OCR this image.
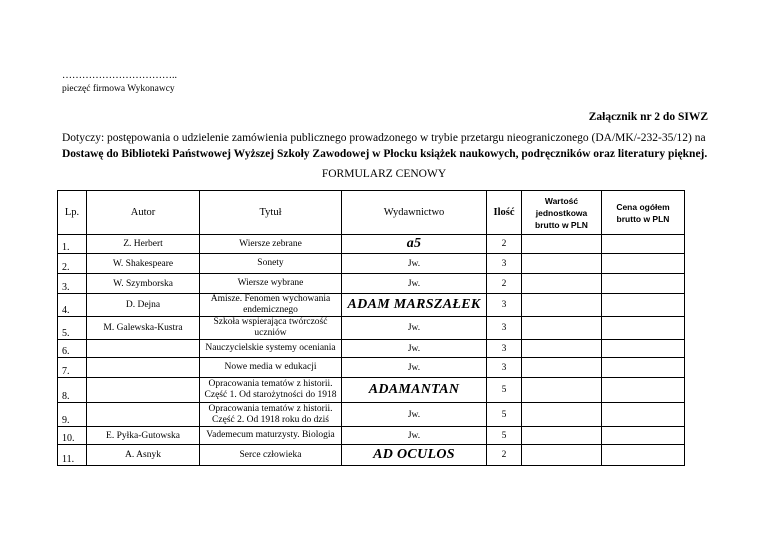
……………………………..
pieczęć firmowa Wykonawcy
Załącznik nr 2 do SIWZ
Dotyczy: postępowania o udzielenie zamówienia publicznego prowadzonego w trybie przetargu nieograniczonego (DA/MK/-232-35/12) na
Dostawę do Biblioteki Państwowej Wyższej Szkoły Zawodowej w Płocku książek naukowych, podręczników oraz literatury pięknej.
FORMULARZ CENOWY
Lp.	Autor	Tytuł	Wydawnictwo	Ilość	Wartość jednostkowa brutto w PLN	Cena ogółem brutto w PLN
1.	Z. Herbert	Wiersze zebrane	a5	2		
2.	W. Shakespeare	Sonety	Jw.	3		
3.	W. Szymborska	Wiersze wybrane	Jw.	2		
4.	D. Dejna	Amisze. Fenomen wychowania endemicznego	ADAM MARSZAŁEK	3		
5.	M. Galewska-Kustra	Szkoła wspierająca twórczość uczniów	Jw.	3		
6.		Nauczycielskie systemy oceniania	Jw.	3		
7.		Nowe media w edukacji	Jw.	3		
8.		Opracowania tematów z historii. Część 1. Od starożytności do 1918	ADAMANTAN	5		
9.		Opracowania tematów z historii. Część 2. Od 1918 roku do dziś	Jw.	5		
10.	E. Pyłka-Gutowska	Vademecum maturzysty. Biologia	Jw.	5		
11.	A. Asnyk	Serce człowieka	AD OCULOS	2		
